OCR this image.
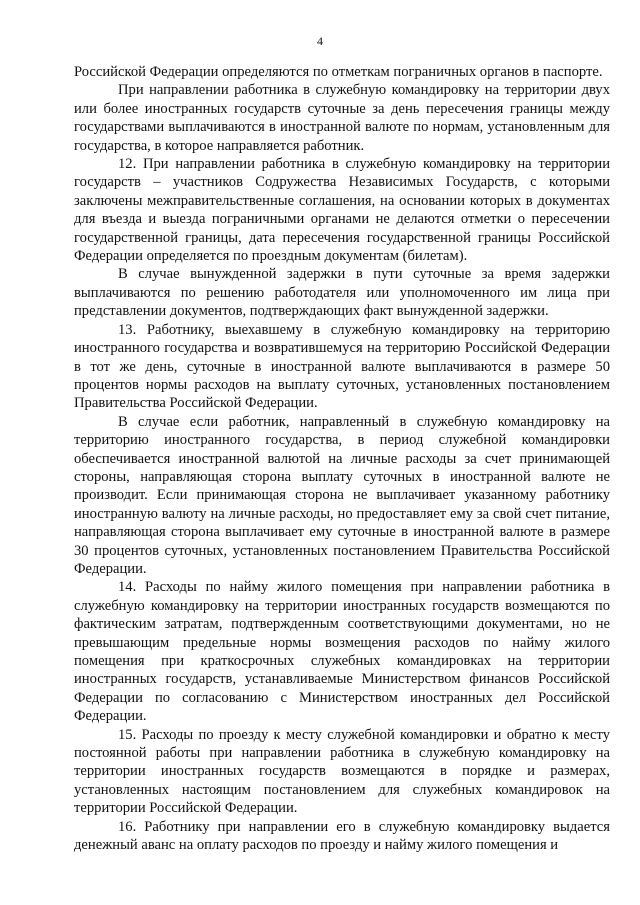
4

Российской Федерации определяются по отметкам пограничных органов в паспорте.

При направлении работника в служебную командировку на территории двух или более иностранных государств суточные за день пересечения границы между государствами выплачиваются в иностранной валюте по нормам, установленным для государства, в которое направляется работник.

12. При направлении работника в служебную командировку на территории государств – участников Содружества Независимых Государств, с которыми заключены межправительственные соглашения, на основании которых в документах для въезда и выезда пограничными органами не делаются отметки о пересечении государственной границы, дата пересечения государственной границы Российской Федерации определяется по проездным документам (билетам).

В случае вынужденной задержки в пути суточные за время задержки выплачиваются по решению работодателя или уполномоченного им лица при представлении документов, подтверждающих факт вынужденной задержки.

13. Работнику, выехавшему в служебную командировку на территорию иностранного государства и возвратившемуся на территорию Российской Федерации в тот же день, суточные в иностранной валюте выплачиваются в размере 50 процентов нормы расходов на выплату суточных, установленных постановлением Правительства Российской Федерации.

В случае если работник, направленный в служебную командировку на территорию иностранного государства, в период служебной командировки обеспечивается иностранной валютой на личные расходы за счет принимающей стороны, направляющая сторона выплату суточных в иностранной валюте не производит. Если принимающая сторона не выплачивает указанному работнику иностранную валюту на личные расходы, но предоставляет ему за свой счет питание, направляющая сторона выплачивает ему суточные в иностранной валюте в размере 30 процентов суточных, установленных постановлением Правительства Российской Федерации.

14. Расходы по найму жилого помещения при направлении работника в служебную командировку на территории иностранных государств возмещаются по фактическим затратам, подтвержденным соответствующими документами, но не превышающим предельные нормы возмещения расходов по найму жилого помещения при краткосрочных служебных командировках на территории иностранных государств, устанавливаемые Министерством финансов Российской Федерации по согласованию с Министерством иностранных дел Российской Федерации.

15. Расходы по проезду к месту служебной командировки и обратно к месту постоянной работы при направлении работника в служебную командировку на территории иностранных государств возмещаются в порядке и размерах, установленных настоящим постановлением для служебных командировок на территории Российской Федерации.

16. Работнику при направлении его в служебную командировку выдается денежный аванс на оплату расходов по проезду и найму жилого помещения и
